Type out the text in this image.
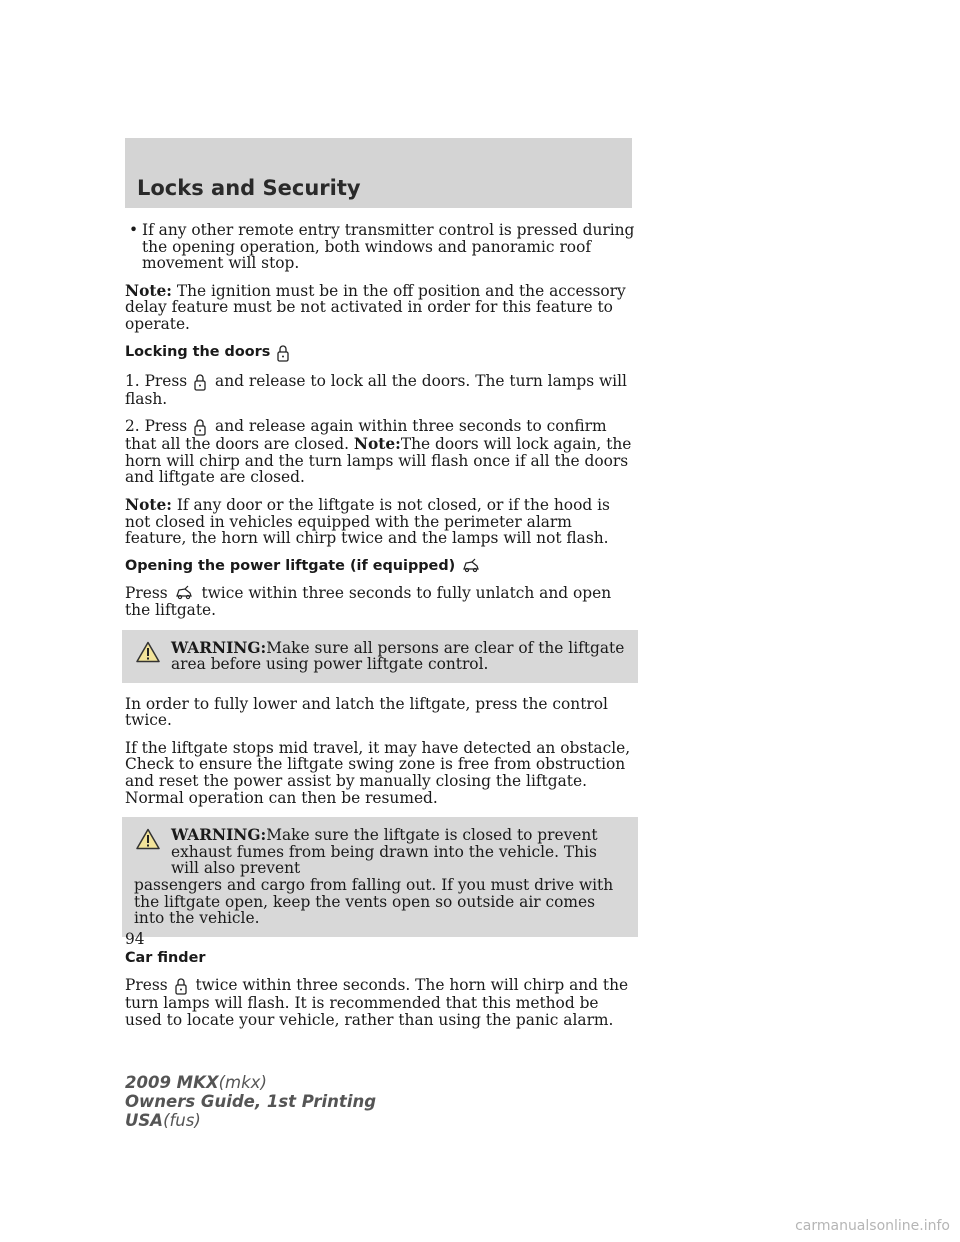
Locks and Security
• If any other remote entry transmitter control is pressed during the opening operation, both windows and panoramic roof movement will stop.

Note: The ignition must be in the off position and the accessory delay feature must be not activated in order for this feature to operate.

Locking the doors

1. Press and release to lock all the doors. The turn lamps will flash.

2. Press and release again within three seconds to confirm that all the doors are closed. Note:The doors will lock again, the horn will chirp and the turn lamps will flash once if all the doors and liftgate are closed.

Note: If any door or the liftgate is not closed, or if the hood is not closed in vehicles equipped with the perimeter alarm feature, the horn will chirp twice and the lamps will not flash.

Opening the power liftgate (if equipped)

Press twice within three seconds to fully unlatch and open the liftgate.

WARNING:Make sure all persons are clear of the liftgate area before using power liftgate control.

In order to fully lower and latch the liftgate, press the control twice.

If the liftgate stops mid travel, it may have detected an obstacle, Check to ensure the liftgate swing zone is free from obstruction and reset the power assist by manually closing the liftgate. Normal operation can then be resumed.

WARNING:Make sure the liftgate is closed to prevent exhaust fumes from being drawn into the vehicle. This will also prevent
passengers and cargo from falling out. If you must drive with the liftgate open, keep the vents open so outside air comes into the vehicle.
Car finder

Press twice within three seconds. The horn will chirp and the turn lamps will flash. It is recommended that this method be used to locate your vehicle, rather than using the panic alarm.

94
2009 MKX(mkx)
Owners Guide, 1st Printing
USA(fus)
carmanualsonline.info
